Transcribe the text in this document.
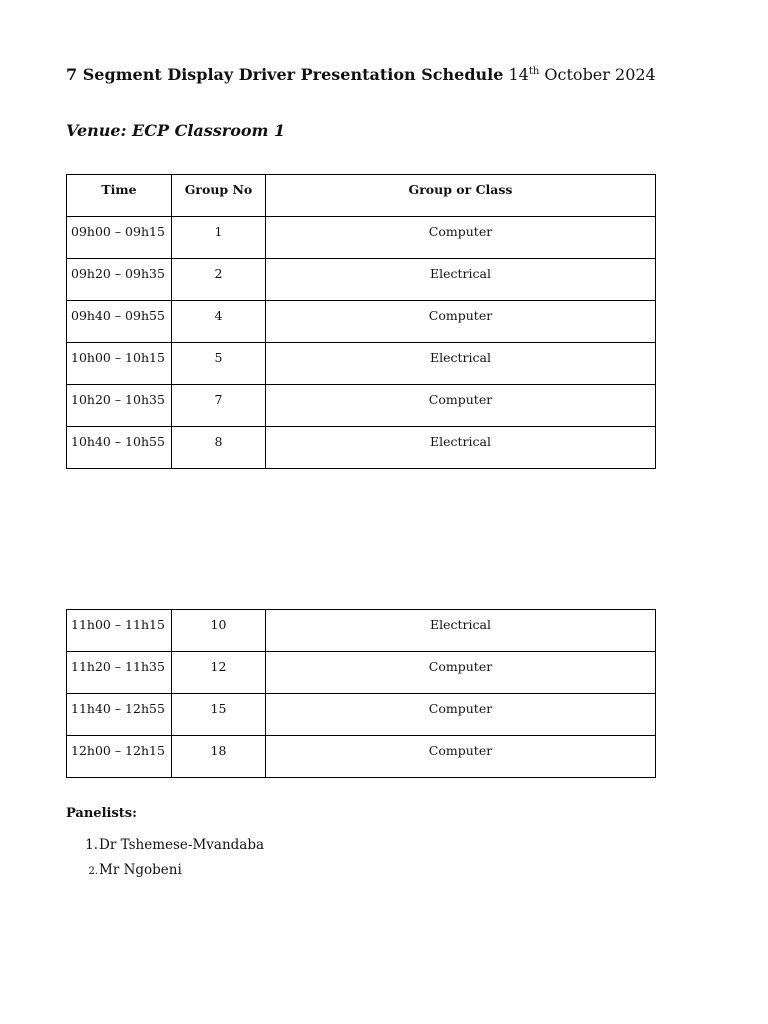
7 Segment Display Driver Presentation Schedule 14th October 2024

Venue: ECP Classroom 1

Time	Group No	Group or Class
09h00 – 09h15	1	Computer
09h20 – 09h35	2	Electrical
09h40 – 09h55	4	Computer
10h00 – 10h15	5	Electrical
10h20 – 10h35	7	Computer
10h40 – 10h55	8	Electrical
11h00 – 11h15	10	Electrical
11h20 – 11h35	12	Computer
11h40 – 12h55	15	Computer
12h00 – 12h15	18	Computer

Panelists:

1. Dr Tshemese-Mvandaba
2. Mr Ngobeni
